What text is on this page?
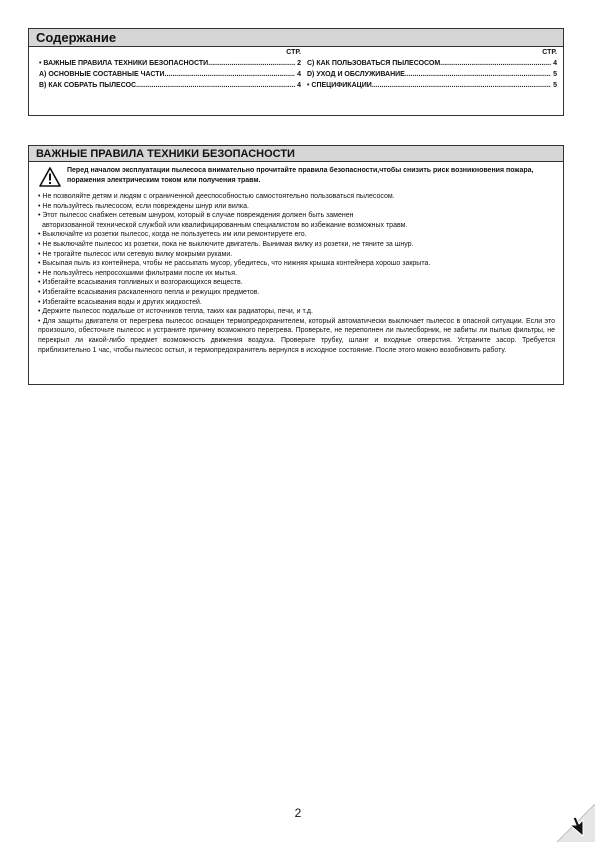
Содержание
СТР.
• ВАЖНЫЕ ПРАВИЛА ТЕХНИКИ БЕЗОПАСНОСТИ .....	2
A) ОСНОВНЫЕ СОСТАВНЫЕ ЧАСТИ .....	4
B) КАК СОБРАТЬ ПЫЛЕСОС .....	4
СТР.
C) КАК ПОЛЬЗОВАТЬСЯ ПЫЛЕСОСОМ .....	4
D) УХОД И ОБСЛУЖИВАНИЕ .....	5
• СПЕЦИФИКАЦИИ .....	5
ВАЖНЫЕ ПРАВИЛА ТЕХНИКИ БЕЗОПАСНОСТИ
Перед началом эксплуатации пылесоса внимательно прочитайте правила безопасности,чтобы снизить риск возникновения пожара, поражения электрическим током или получения травм.
• Не позволяйте детям и людям с ограниченной дееспособностью самостоятельно пользоваться пылесосом.
• Не пользуйтесь пылесосом, если повреждены шнур или вилка.
• Этот пылесос снабжен сетевым шнуром, который в случае повреждения должен быть заменен
авторизованной технической службой или квалифицированным специалистом во избежание возможных травм.
• Выключайте из розетки пылесос, когда не пользуетесь им или ремонтируете его.
• Не выключайте пылесос из розетки, пока не выключите двигатель. Вынимая вилку из розетки, не тяните за шнур.
• Не трогайте пылесос или сетевую вилку мокрыми руками.
• Высыпая пыль из контейнера, чтобы не рассыпать мусор, убедитесь, что нижняя крышка контейнера хорошо закрыта.
• Не пользуйтесь непросохшими фильтрами после их мытья.
• Избегайте всасывания топливных и возгорающихся веществ.
• Избегайте всасывания раскаленного пепла и режущих предметов.
• Избегайте всасывания воды и других жидкостей.
• Держите пылесос подальше от источников тепла, таких как радиаторы, печи, и т.д.
• Для защиты двигателя от перегрева пылесос оснащен термопредохранителем, который автоматически выключает пылесос в опасной ситуации. Если это произошло, обесточьте пылесос и устраните причину возможного перегрева. Проверьте, не переполнен ли пылесборник, не забиты ли пылью фильтры, не перекрыл ли какой-либо предмет возможность движения воздуха. Проверьте трубку, шланг и входные отверстия. Устраните засор. Требуется приблизительно 1 час, чтобы пылесос остыл, и термопредохранитель вернулся в исходное состояние. После этого можно возобновить работу.
2
